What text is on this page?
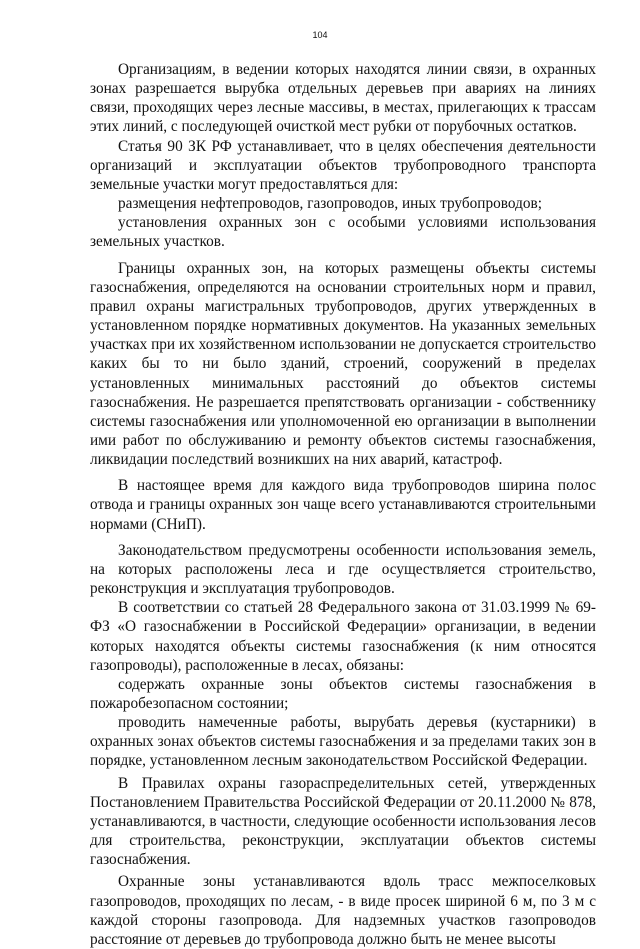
104

Организациям, в ведении которых находятся линии связи, в охранных зонах разрешается вырубка отдельных деревьев при авариях на линиях связи, проходящих через лесные массивы, в местах, прилегающих к трассам этих линий, с последующей очисткой мест рубки от порубочных остатков.

Статья 90 ЗК РФ устанавливает, что в целях обеспечения деятельности организаций и эксплуатации объектов трубопроводного транспорта земельные участки могут предоставляться для:

размещения нефтепроводов, газопроводов, иных трубопроводов;

установления охранных зон с особыми условиями использования земельных участков.

Границы охранных зон, на которых размещены объекты системы газоснабжения, определяются на основании строительных норм и правил, правил охраны магистральных трубопроводов, других утвержденных в установленном порядке нормативных документов. На указанных земельных участках при их хозяйственном использовании не допускается строительство каких бы то ни было зданий, строений, сооружений в пределах установленных минимальных расстояний до объектов системы газоснабжения. Не разрешается препятствовать организации - собственнику системы газоснабжения или уполномоченной ею организации в выполнении ими работ по обслуживанию и ремонту объектов системы газоснабжения, ликвидации последствий возникших на них аварий, катастроф.

В настоящее время для каждого вида трубопроводов ширина полос отвода и границы охранных зон чаще всего устанавливаются строительными нормами (СНиП).

Законодательством предусмотрены особенности использования земель, на которых расположены леса и где осуществляется строительство, реконструкция и эксплуатация трубопроводов.

В соответствии со статьей 28 Федерального закона от 31.03.1999 № 69-ФЗ «О газоснабжении в Российской Федерации» организации, в ведении которых находятся объекты системы газоснабжения (к ним относятся газопроводы), расположенные в лесах, обязаны:

содержать охранные зоны объектов системы газоснабжения в пожаробезопасном состоянии;

проводить намеченные работы, вырубать деревья (кустарники) в охранных зонах объектов системы газоснабжения и за пределами таких зон в порядке, установленном лесным законодательством Российской Федерации.

В Правилах охраны газораспределительных сетей, утвержденных Постановлением Правительства Российской Федерации от 20.11.2000 № 878, устанавливаются, в частности, следующие особенности использования лесов для строительства, реконструкции, эксплуатации объектов системы газоснабжения.

Охранные зоны устанавливаются вдоль трасс межпоселковых газопроводов, проходящих по лесам, - в виде просек шириной 6 м, по 3 м с каждой стороны газопровода. Для надземных участков газопроводов расстояние от деревьев до трубопровода должно быть не менее высоты
